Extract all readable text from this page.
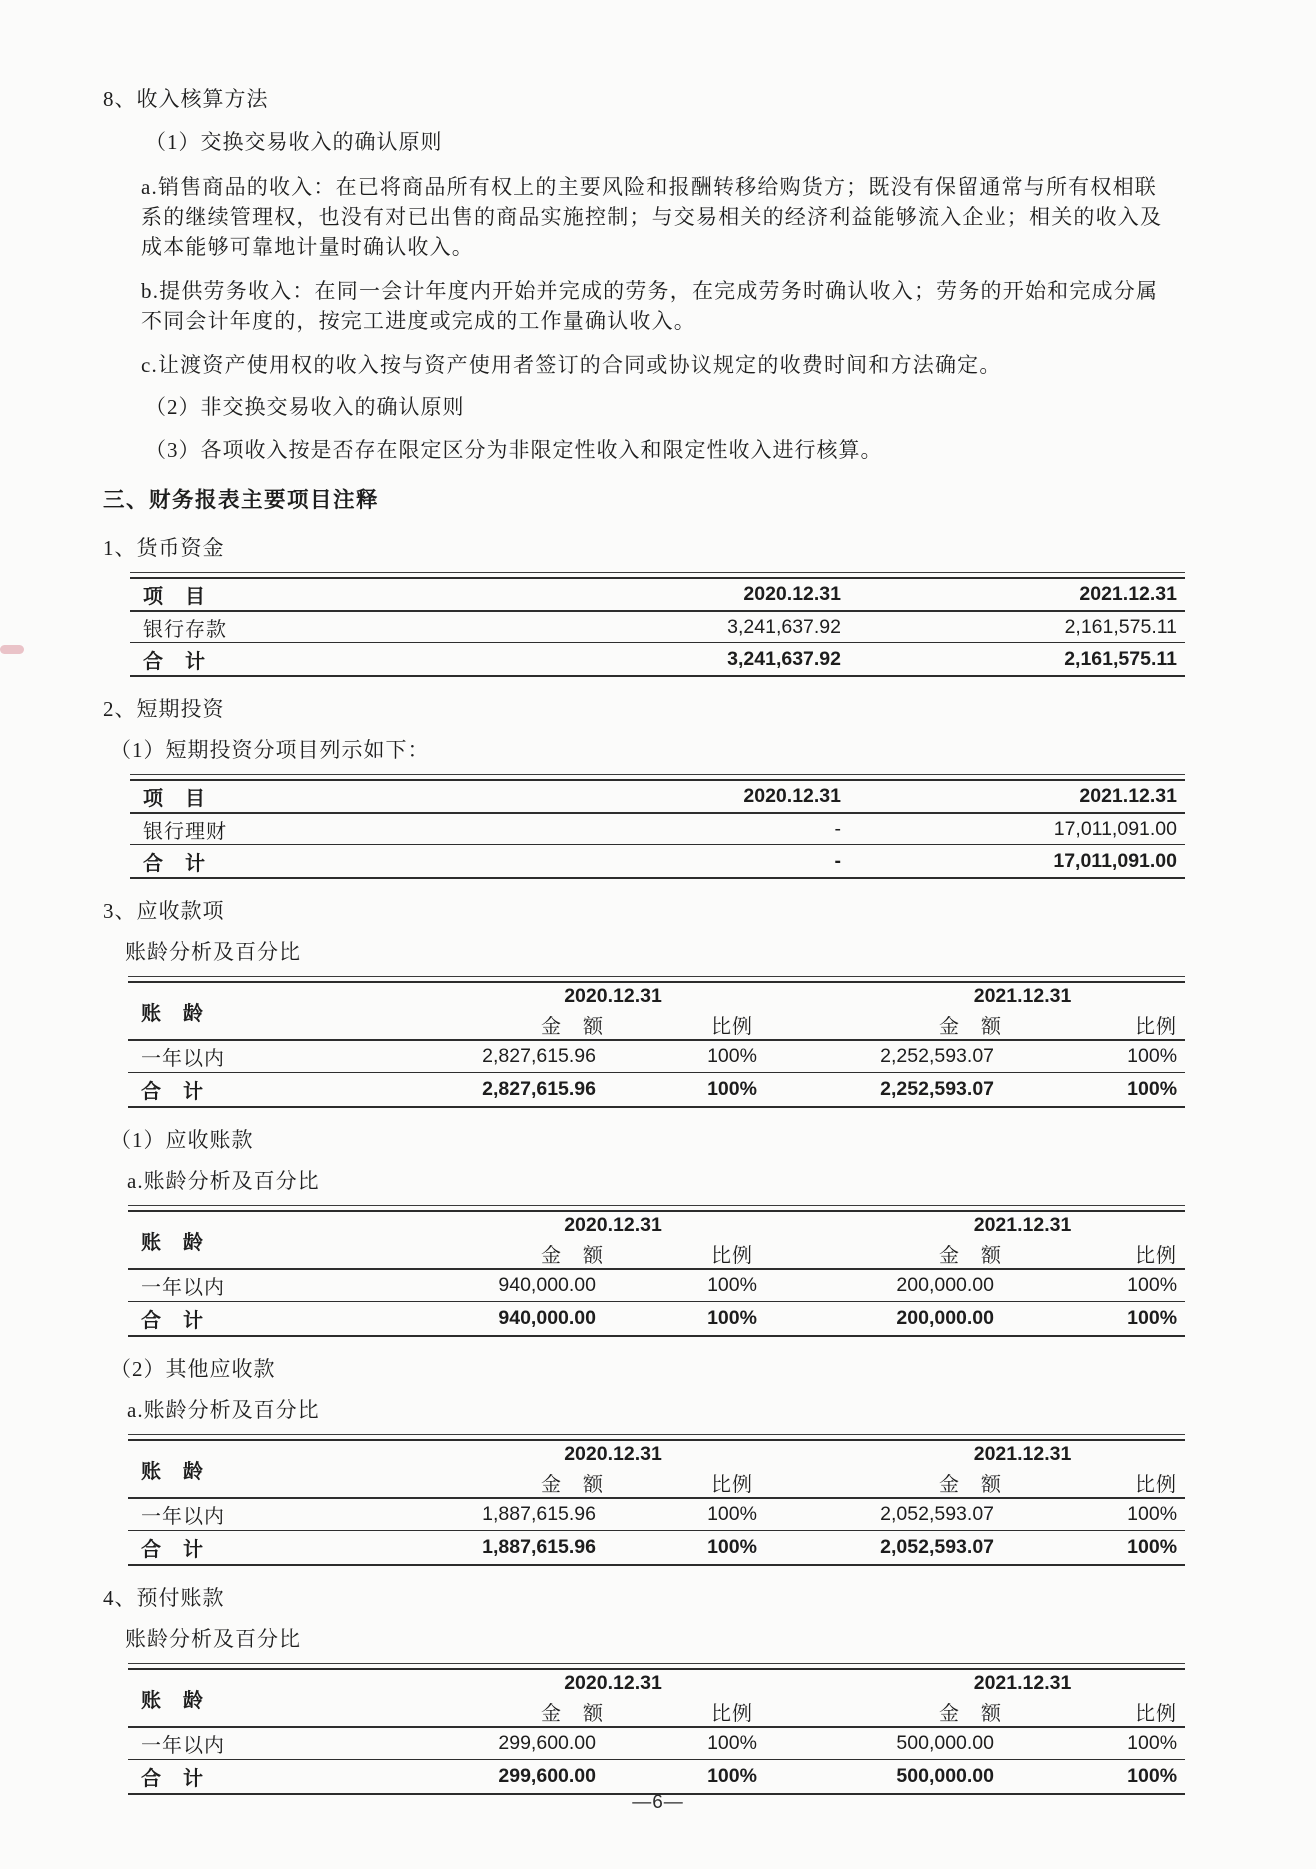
8、收入核算方法
（1）交换交易收入的确认原则
a.销售商品的收入：在已将商品所有权上的主要风险和报酬转移给购货方；既没有保留通常与所有权相联
系的继续管理权，也没有对已出售的商品实施控制；与交易相关的经济利益能够流入企业；相关的收入及
成本能够可靠地计量时确认收入。
b.提供劳务收入：在同一会计年度内开始并完成的劳务，在完成劳务时确认收入；劳务的开始和完成分属
不同会计年度的，按完工进度或完成的工作量确认收入。
c.让渡资产使用权的收入按与资产使用者签订的合同或协议规定的收费时间和方法确定。
（2）非交换交易收入的确认原则
（3）各项收入按是否存在限定区分为非限定性收入和限定性收入进行核算。
三、财务报表主要项目注释
1、货币资金
项　目	2020.12.31	2021.12.31
银行存款	3,241,637.92	2,161,575.11
合　计	3,241,637.92	2,161,575.11
2、短期投资
（1）短期投资分项目列示如下：
项　目	2020.12.31	2021.12.31
银行理财	-	17,011,091.00
合　计	-	17,011,091.00
3、应收款项
账龄分析及百分比
账　龄	2020.12.31		2021.12.31	
	金　额	比例	金　额	比例
一年以内	2,827,615.96	100%	2,252,593.07	100%
合　计	2,827,615.96	100%	2,252,593.07	100%
（1）应收账款
a.账龄分析及百分比
账　龄	2020.12.31		2021.12.31	
	金　额	比例	金　额	比例
一年以内	940,000.00	100%	200,000.00	100%
合　计	940,000.00	100%	200,000.00	100%
（2）其他应收款
a.账龄分析及百分比
账　龄	2020.12.31		2021.12.31	
	金　额	比例	金　额	比例
一年以内	1,887,615.96	100%	2,052,593.07	100%
合　计	1,887,615.96	100%	2,052,593.07	100%
4、预付账款
账龄分析及百分比
账　龄	2020.12.31		2021.12.31	
	金　额	比例	金　额	比例
一年以内	299,600.00	100%	500,000.00	100%
合　计	299,600.00	100%	500,000.00	100%
—6—
